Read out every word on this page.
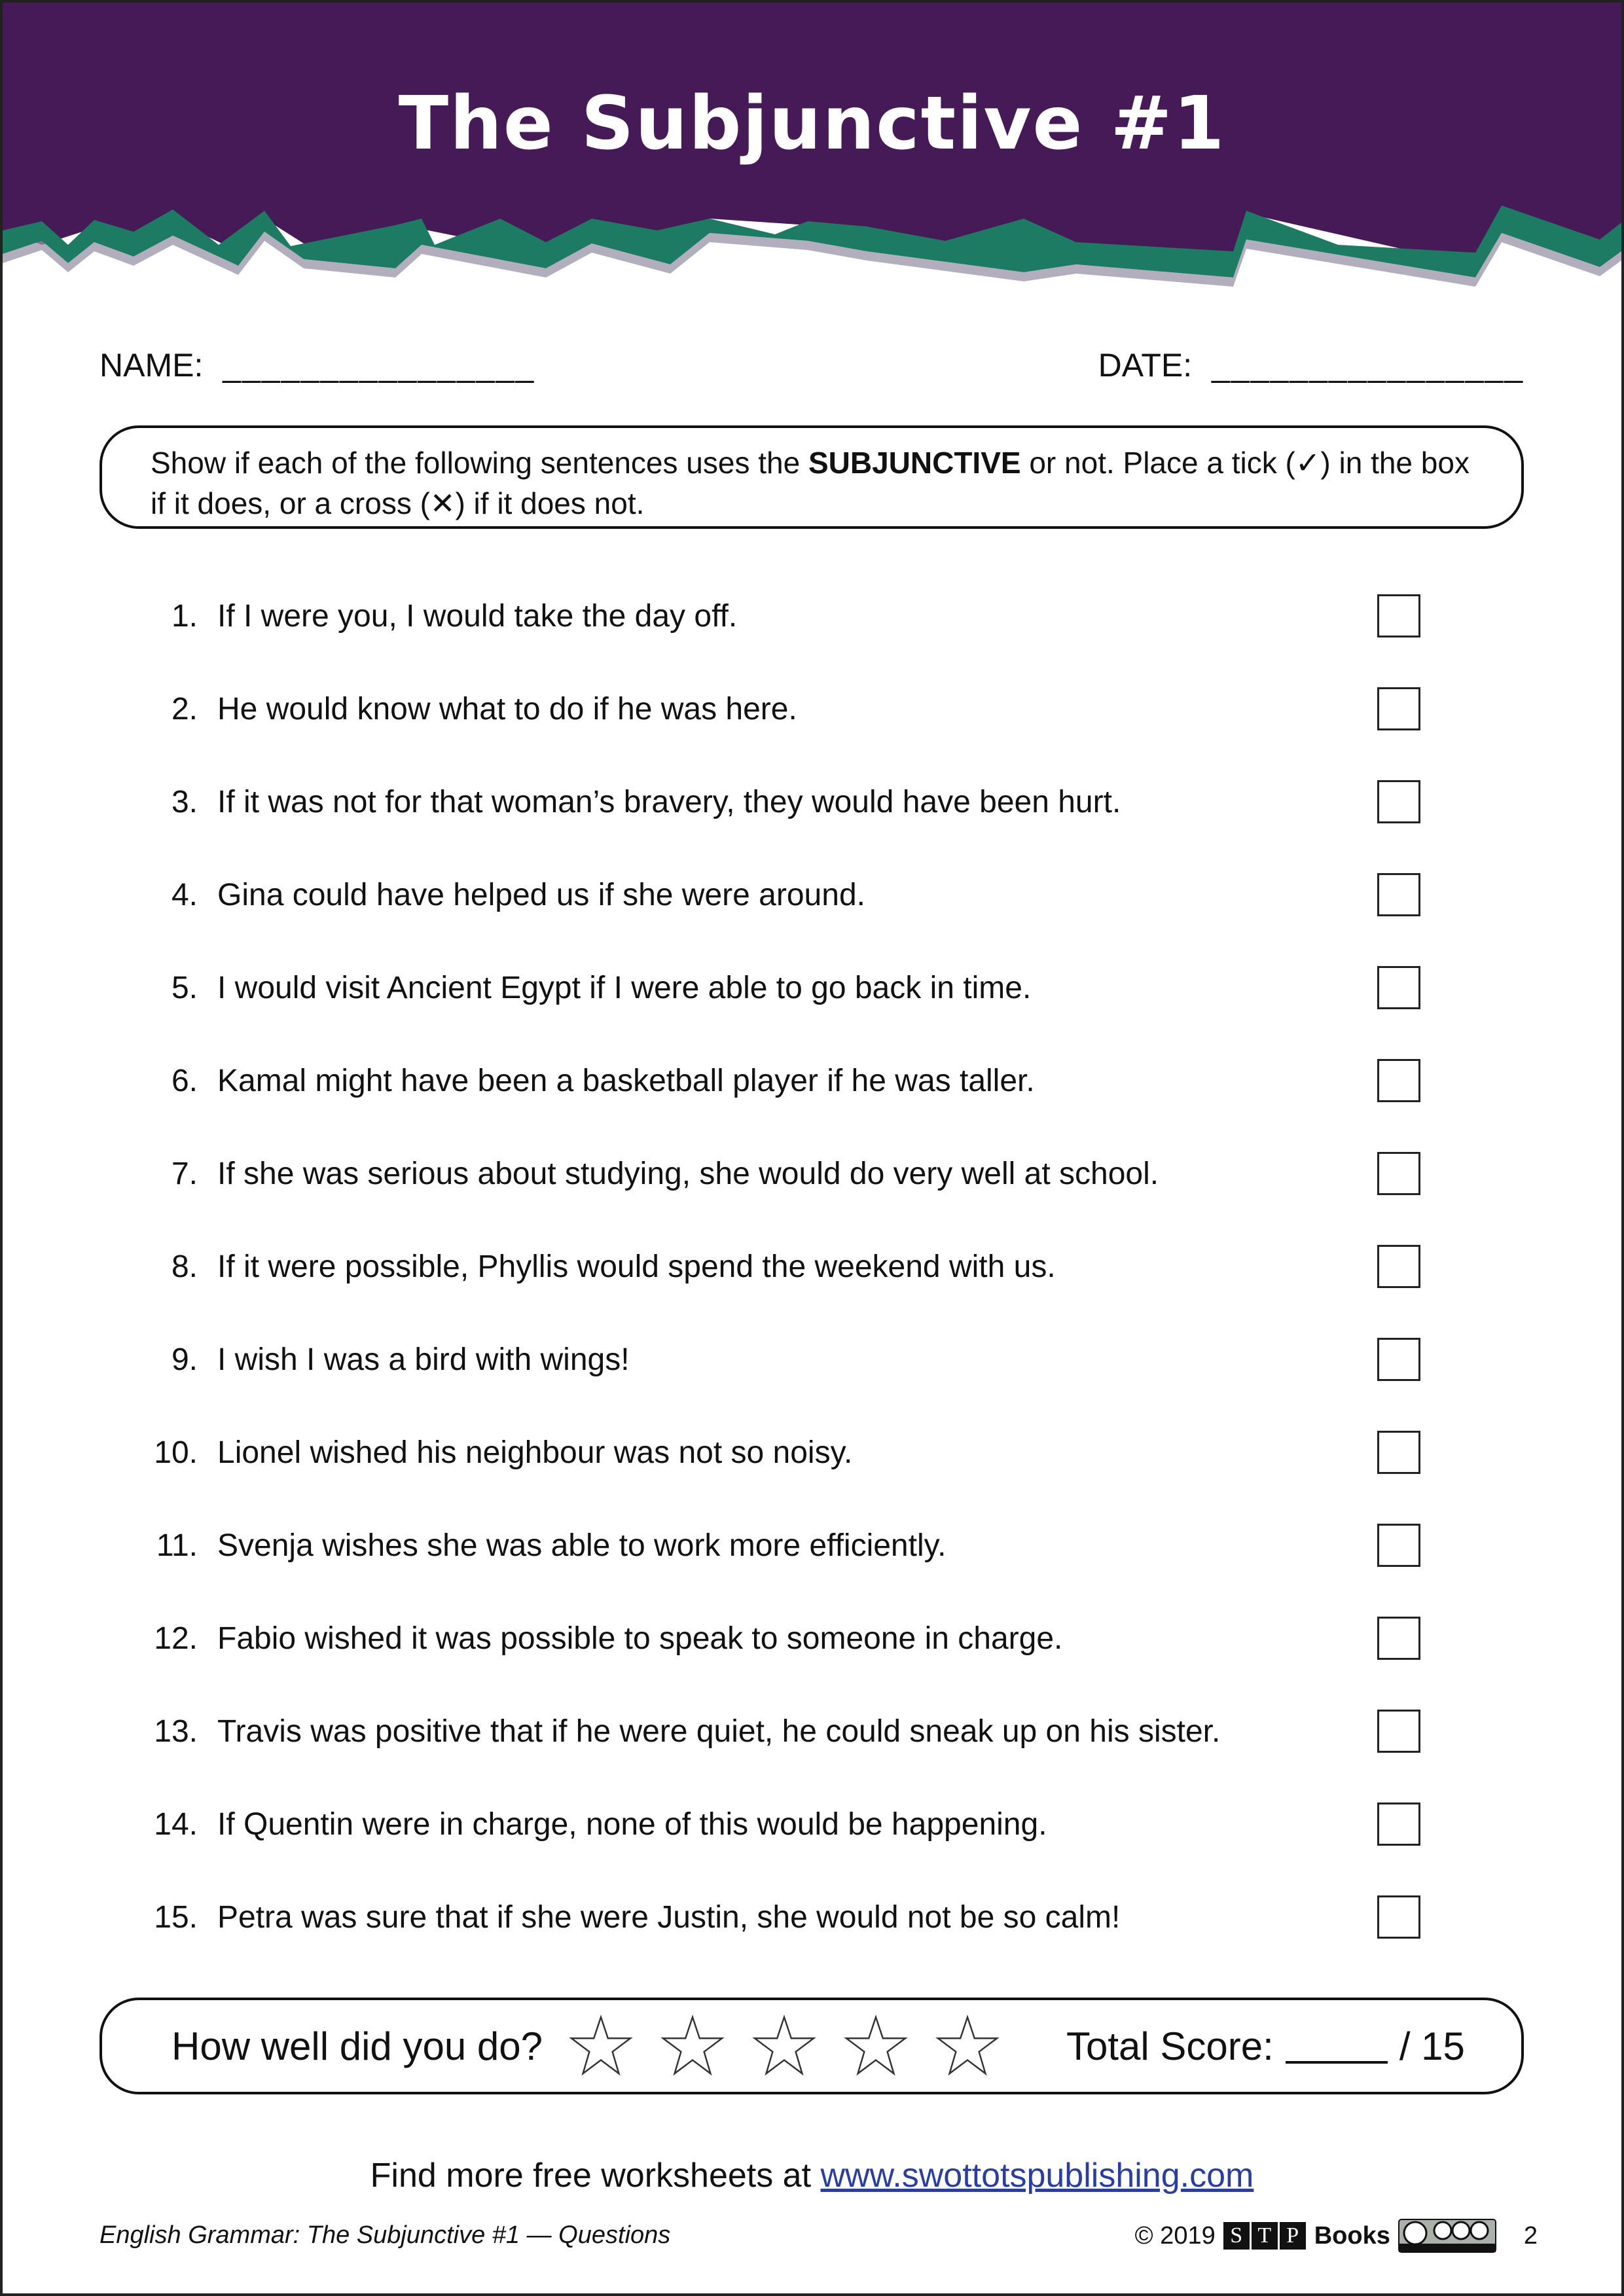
The Subjunctive #1
NAME: ________________	DATE: ________________
Show if each of the following sentences uses the SUBJUNCTIVE or not. Place a tick (✓) in the box if it does, or a cross (✕) if it does not.
1. If I were you, I would take the day off.
2. He would know what to do if he was here.
3. If it was not for that woman’s bravery, they would have been hurt.
4. Gina could have helped us if she were around.
5. I would visit Ancient Egypt if I were able to go back in time.
6. Kamal might have been a basketball player if he was taller.
7. If she was serious about studying, she would do very well at school.
8. If it were possible, Phyllis would spend the weekend with us.
9. I wish I was a bird with wings!
10. Lionel wished his neighbour was not so noisy.
11. Svenja wishes she was able to work more efficiently.
12. Fabio wished it was possible to speak to someone in charge.
13. Travis was positive that if he were quiet, he could sneak up on his sister.
14. If Quentin were in charge, none of this would be happening.
15. Petra was sure that if she were Justin, she would not be so calm!
How well did you do?	Total Score:	/ 15
Find more free worksheets at www.swottotspublishing.com
English Grammar: The Subjunctive #1 — Questions	© 2019 S T P Books	2
